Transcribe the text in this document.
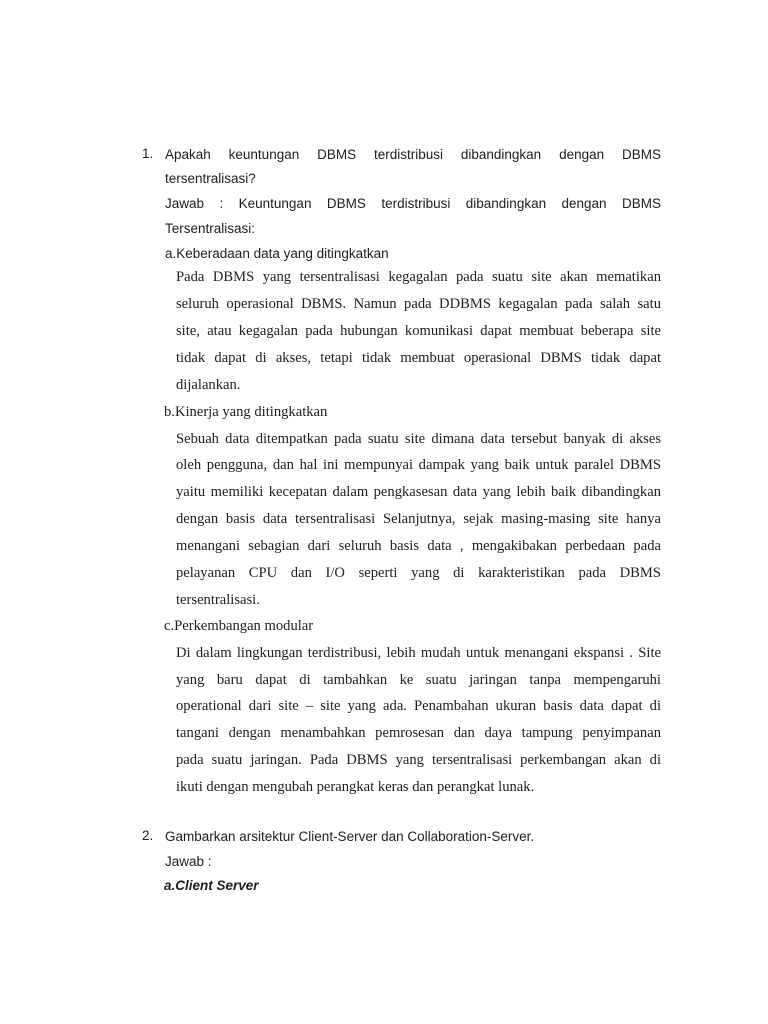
1. Apakah keuntungan DBMS terdistribusi dibandingkan dengan DBMS
tersentralisasi?
Jawab : Keuntungan DBMS terdistribusi dibandingkan dengan DBMS
Tersentralisasi:
a.Keberadaan data yang ditingkatkan
Pada DBMS yang tersentralisasi kegagalan pada suatu site akan mematikan
seluruh operasional DBMS. Namun pada DDBMS kegagalan pada salah satu
site, atau kegagalan pada hubungan komunikasi dapat membuat beberapa site
tidak dapat di akses, tetapi tidak membuat operasional DBMS tidak dapat
dijalankan.
b.Kinerja yang ditingkatkan
Sebuah data ditempatkan pada suatu site dimana data tersebut banyak di akses
oleh pengguna, dan hal ini mempunyai dampak yang baik untuk paralel DBMS
yaitu memiliki kecepatan dalam pengkasesan data yang lebih baik dibandingkan
dengan basis data tersentralisasi Selanjutnya, sejak masing-masing site hanya
menangani sebagian dari seluruh basis data , mengakibakan perbedaan pada
pelayanan CPU dan I/O seperti yang di karakteristikan pada DBMS
tersentralisasi.
c.Perkembangan modular
Di dalam lingkungan terdistribusi, lebih mudah untuk menangani ekspansi . Site
yang baru dapat di tambahkan ke suatu jaringan tanpa mempengaruhi
operational dari site – site yang ada. Penambahan ukuran basis data dapat di
tangani dengan menambahkan pemrosesan dan daya tampung penyimpanan
pada suatu jaringan. Pada DBMS yang tersentralisasi perkembangan akan di
ikuti dengan mengubah perangkat keras dan perangkat lunak.
2. Gambarkan arsitektur Client-Server dan Collaboration-Server.
Jawab :
a.Client Server
